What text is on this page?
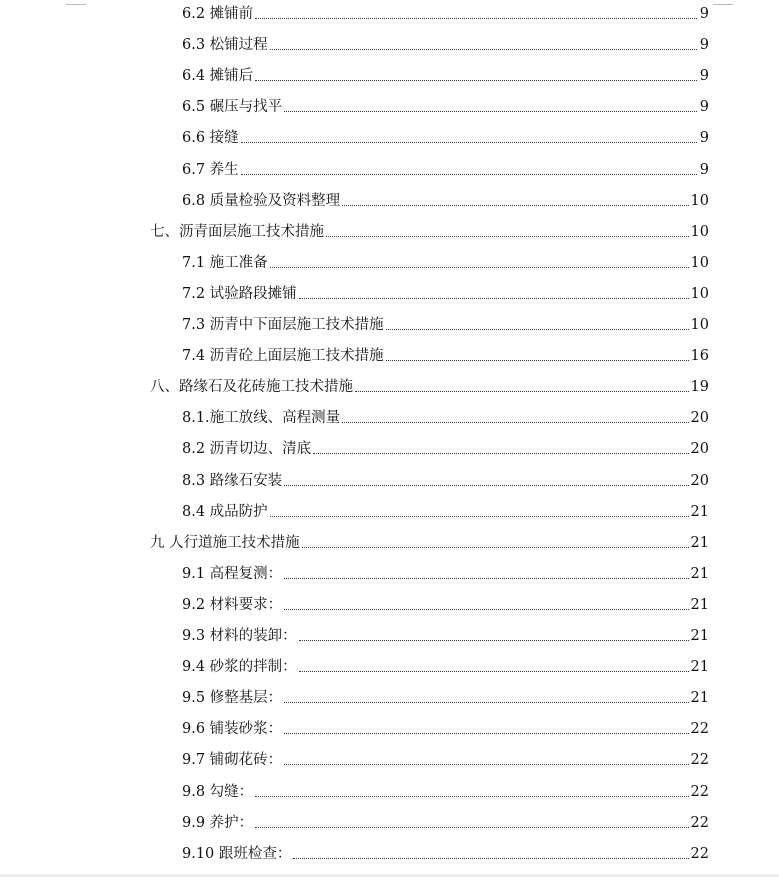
6.2 摊铺前	9
6.3 松铺过程	9
6.4 摊铺后	9
6.5 碾压与找平	9
6.6 接缝	9
6.7 养生	9
6.8 质量检验及资料整理	10
七、 沥青面层施工技术措施	10
7.1 施工准备	10
7.2 试验路段摊铺	10
7.3 沥青中下面层施工技术措施	10
7.4 沥青砼上面层施工技术措施	16
八、 路缘石及花砖施工技术措施	19
8.1. 施工放线、高程测量	20
8.2 沥青切边、清底	20
8.3 路缘石安装	20
8.4 成品防护	21
九 人行道施工技术措施	21
9.1 高程复测：	21
9.2 材料要求：	21
9.3 材料的装卸：	21
9.4 砂浆的拌制：	21
9.5 修整基层：	21
9.6 铺装砂浆：	22
9.7 铺砌花砖：	22
9.8 勾缝：	22
9.9 养护：	22
9.10 跟班检查：	22
